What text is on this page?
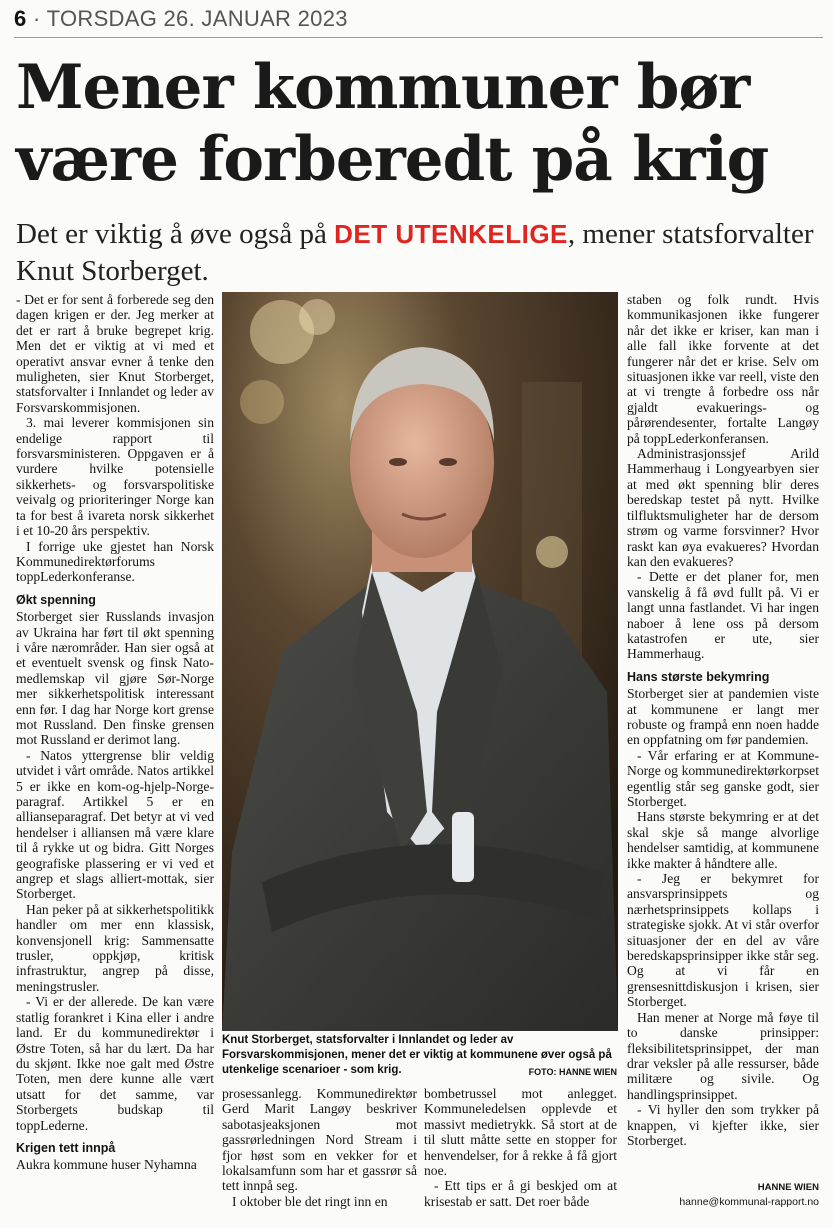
6 · TORSDAG 26. JANUAR 2023
Mener kommuner bør være forberedt på krig
Det er viktig å øve også på DET UTENKELIGE, mener statsforvalter Knut Storberget.

- Det er for sent å forberede seg den dagen krigen er der. Jeg merker at det er rart å bruke begrepet krig. Men det er viktig at vi med et operativt ansvar evner å tenke den muligheten, sier Knut Storberget, statsforvalter i Innlandet og leder av Forsvarskommisjonen.

3. mai leverer kommisjonen sin endelige rapport til forsvarsministeren. Oppgaven er å vurdere hvilke potensielle sikkerhets- og forsvarspolitiske veivalg og prioriteringer Norge kan ta for best å ivareta norsk sikkerhet i et 10-20 års perspektiv.

I forrige uke gjestet han Norsk Kommunedirektørforums toppLederkonferanse.

Økt spenning

Storberget sier Russlands invasjon av Ukraina har ført til økt spenning i våre nærområder. Han sier også at et eventuelt svensk og finsk Nato-medlemskap vil gjøre Sør-Norge mer sikkerhetspolitisk interessant enn før. I dag har Norge kort grense mot Russland. Den finske grensen mot Russland er derimot lang.

- Natos yttergrense blir veldig utvidet i vårt område. Natos artikkel 5 er ikke en kom-og-hjelp-Norge-paragraf. Artikkel 5 er en allianseparagraf. Det betyr at vi ved hendelser i alliansen må være klare til å rykke ut og bidra. Gitt Norges geografiske plassering er vi ved et angrep et slags alliert-mottak, sier Storberget.

Han peker på at sikkerhetspolitikk handler om mer enn klassisk, konvensjonell krig: Sammensatte trusler, oppkjøp, kritisk infrastruktur, angrep på disse, meningstrusler.

- Vi er der allerede. De kan være statlig forankret i Kina eller i andre land. Er du kommunedirektør i Østre Toten, så har du lært. Da har du skjønt. Ikke noe galt med Østre Toten, men dere kunne alle vært utsatt for det samme, var Storbergets budskap til toppLederne.

Krigen tett innpå

Aukra kommune huser Nyhamna

Knut Storberget, statsforvalter i Innlandet og leder av Forsvarskommisjonen, mener det er viktig at kommunene øver også på utenkelige scenarioer - som krig.	FOTO: HANNE WIEN

prosessanlegg. Kommunedirektør Gerd Marit Langøy beskriver sabotasjeaksjonen mot gassrørledningen Nord Stream i fjor høst som en vekker for et lokalsamfunn som har et gassrør så tett innpå seg.

I oktober ble det ringt inn en

bombetrussel mot anlegget. Kommuneledelsen opplevde et massivt medietrykk. Så stort at de til slutt måtte sette en stopper for henvendelser, for å rekke å få gjort noe.

- Ett tips er å gi beskjed om at krisestab er satt. Det roer både

staben og folk rundt. Hvis kommunikasjonen ikke fungerer når det ikke er kriser, kan man i alle fall ikke forvente at det fungerer når det er krise. Selv om situasjonen ikke var reell, viste den at vi trengte å forbedre oss når gjaldt evakuerings- og pårørendesenter, fortalte Langøy på toppLederkonferansen.

Administrasjonssjef Arild Hammerhaug i Longyearbyen sier at med økt spenning blir deres beredskap testet på nytt. Hvilke tilfluktsmuligheter har de dersom strøm og varme forsvinner? Hvor raskt kan øya evakueres? Hvordan kan den evakueres?

- Dette er det planer for, men vanskelig å få øvd fullt på. Vi er langt unna fastlandet. Vi har ingen naboer å lene oss på dersom katastrofen er ute, sier Hammerhaug.

Hans største bekymring

Storberget sier at pandemien viste at kommunene er langt mer robuste og frampå enn noen hadde en oppfatning om før pandemien.

- Vår erfaring er at Kommune-Norge og kommunedirektørkorpset egentlig står seg ganske godt, sier Storberget.

Hans største bekymring er at det skal skje så mange alvorlige hendelser samtidig, at kommunene ikke makter å håndtere alle.

- Jeg er bekymret for ansvarsprinsippets og nærhetsprinsippets kollaps i strategiske sjokk. At vi står overfor situasjoner der en del av våre beredskapsprinsipper ikke står seg. Og at vi får en grensesnittdiskusjon i krisen, sier Storberget.

Han mener at Norge må føye til to danske prinsipper: fleksibilitetsprinsippet, der man drar veksler på alle ressurser, både militære og sivile. Og handlingsprinsippet.

- Vi hyller den som trykker på knappen, vi kjefter ikke, sier Storberget.

HANNE WIEN
hanne@kommunal-rapport.no
